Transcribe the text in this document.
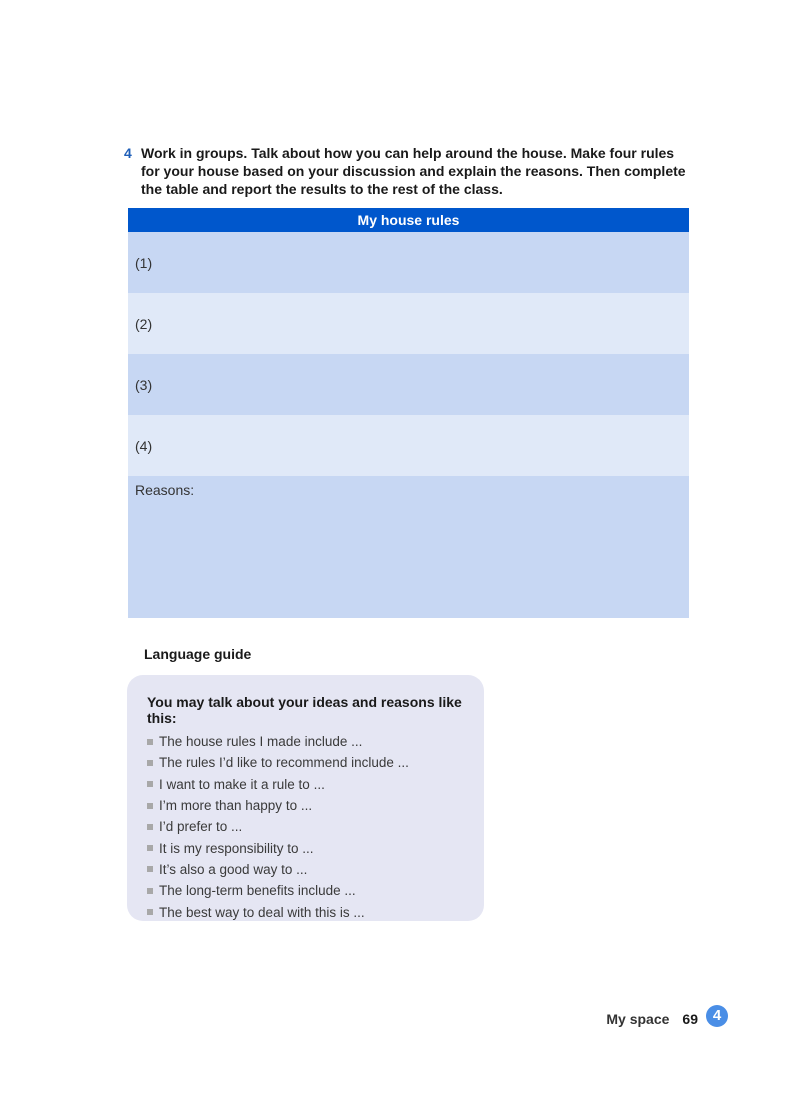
4 Work in groups. Talk about how you can help around the house. Make four rules for your house based on your discussion and explain the reasons. Then complete the table and report the results to the rest of the class.
My house rules
(1)
(2)
(3)
(4)
Reasons:
Language guide
You may talk about your ideas and reasons like this:
The house rules I made include ...
The rules I’d like to recommend include ...
I want to make it a rule to ...
I’m more than happy to ...
I’d prefer to ...
It is my responsibility to ...
It’s also a good way to ...
The long-term benefits include ...
The best way to deal with this is ...
My space 69 4
